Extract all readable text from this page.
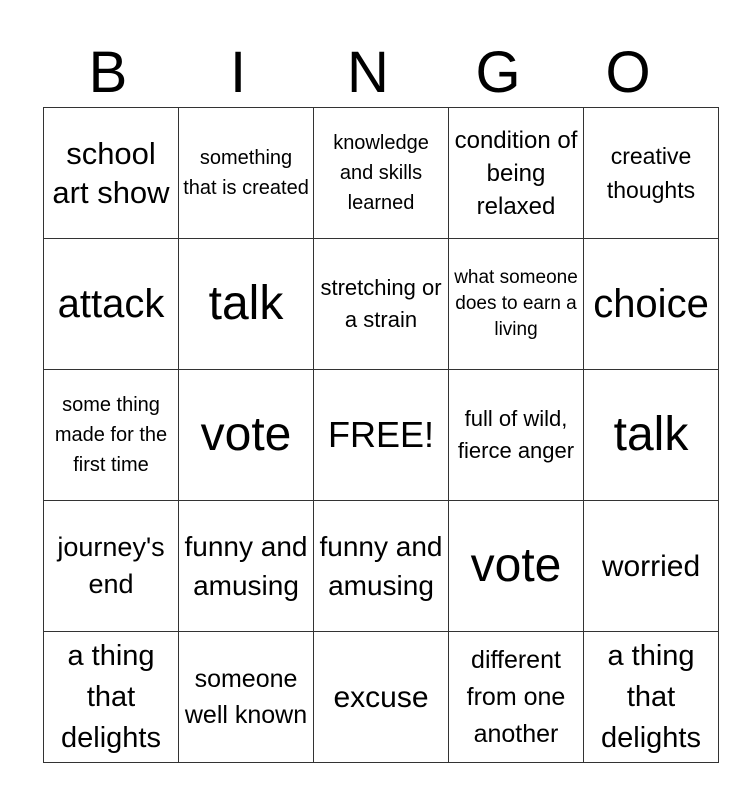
B	I	N	G	O
school art show	something that is created	knowledge and skills learned	condition of being relaxed	creative thoughts
attack	talk	stretching or a strain	what someone does to earn a living	choice
some thing made for the first time	vote	FREE!	full of wild, fierce anger	talk
journey's end	funny and amusing	funny and amusing	vote	worried
a thing that delights	someone well known	excuse	different from one another	a thing that delights
